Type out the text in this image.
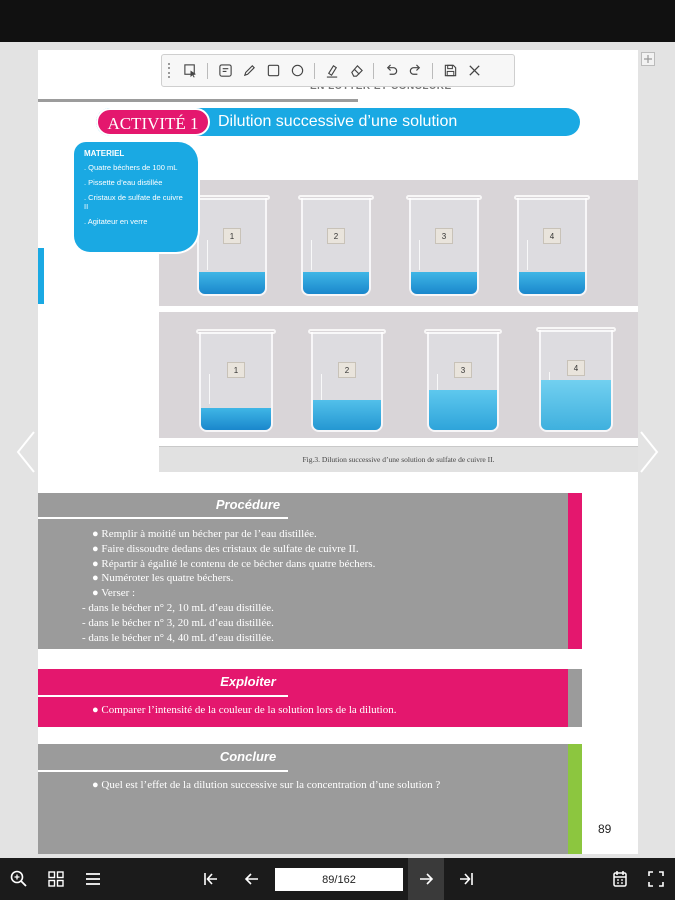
ACTIVITÉ 1	Dilution successive d’une solution
MATERIEL
. Quatre béchers de 100 mL
. Pissette d’eau distillée
. Cristaux de sulfate de cuivre II
. Agitateur en verre
1	2	3	4
1	2	3	4
Fig.3. Dilution successive d’une solution de sulfate de cuivre II.
Procédure
● Remplir à moitié un bécher par de l’eau distillée.
● Faire dissoudre dedans des cristaux de sulfate de cuivre II.
● Répartir à égalité le contenu de ce bécher dans quatre béchers.
● Numéroter les quatre béchers.
● Verser :
- dans le bécher n° 2, 10 mL d’eau distillée.
- dans le bécher n° 3, 20 mL d’eau distillée.
- dans le bécher n° 4, 40 mL d’eau distillée.
Exploiter
● Comparer l’intensité de la couleur de la solution lors de la dilution.
Conclure
● Quel est l’effet de la dilution successive sur la concentration d’une solution ?
89
89/162
